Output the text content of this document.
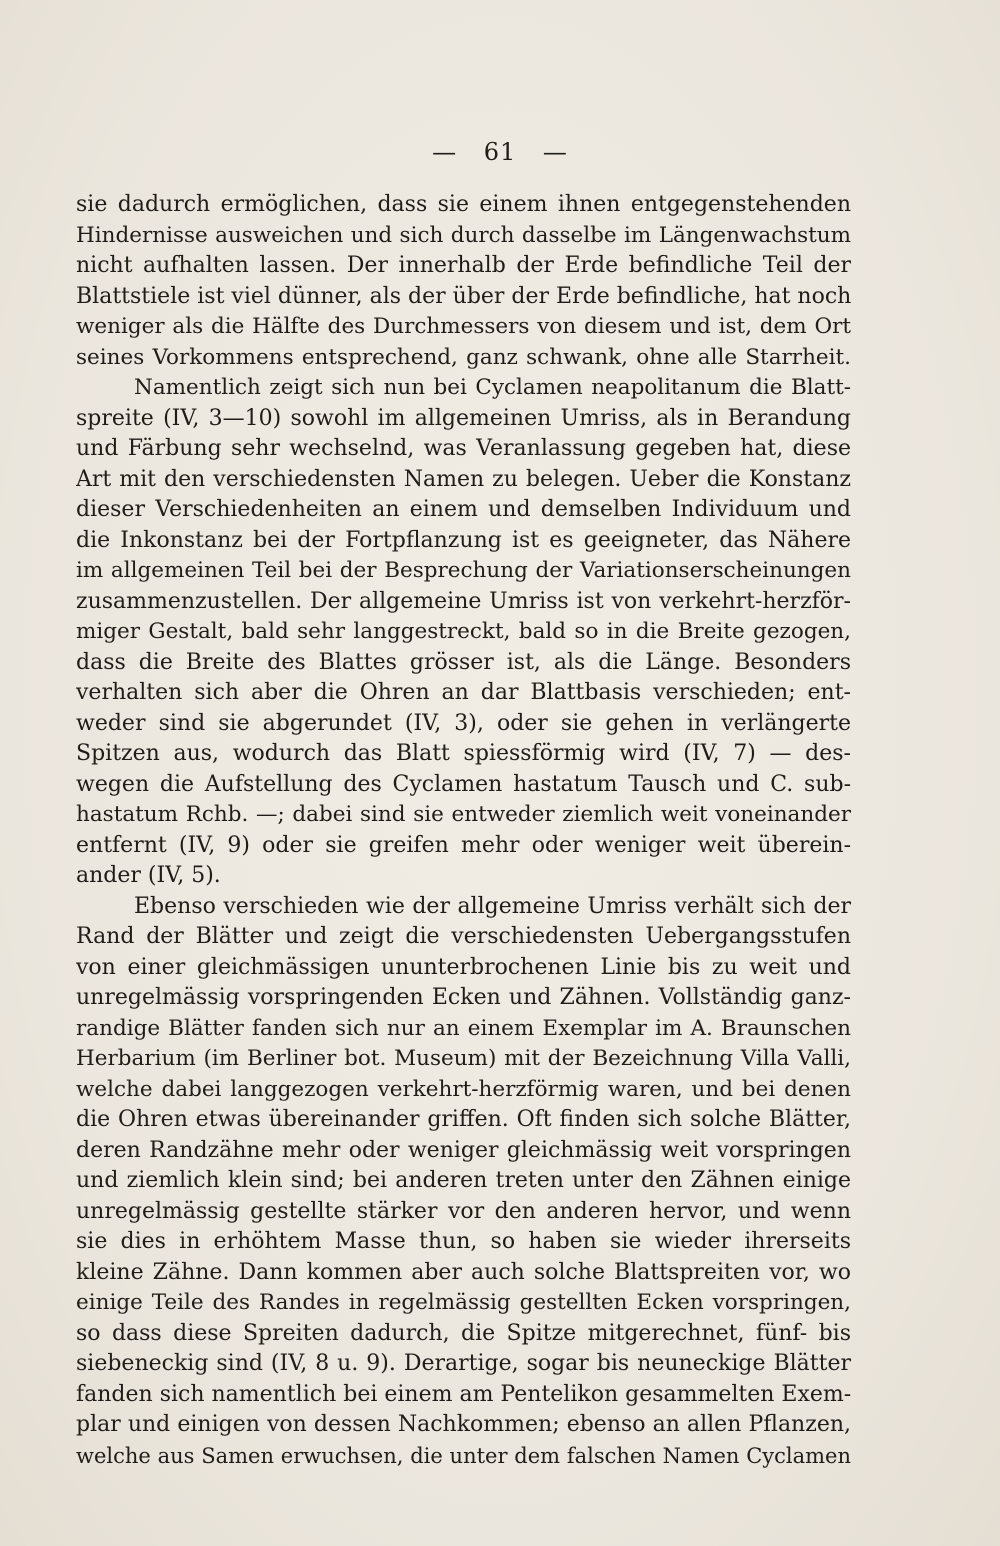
— 61 —
sie dadurch ermöglichen, dass sie einem ihnen entgegenstehenden
Hindernisse ausweichen und sich durch dasselbe im Längenwachstum
nicht aufhalten lassen. Der innerhalb der Erde befindliche Teil der
Blattstiele ist viel dünner, als der über der Erde befindliche, hat noch
weniger als die Hälfte des Durchmessers von diesem und ist, dem Ort
seines Vorkommens entsprechend, ganz schwank, ohne alle Starrheit.
Namentlich zeigt sich nun bei Cyclamen neapolitanum die Blatt-
spreite (IV, 3—10) sowohl im allgemeinen Umriss, als in Berandung
und Färbung sehr wechselnd, was Veranlassung gegeben hat, diese
Art mit den verschiedensten Namen zu belegen. Ueber die Konstanz
dieser Verschiedenheiten an einem und demselben Individuum und
die Inkonstanz bei der Fortpflanzung ist es geeigneter, das Nähere
im allgemeinen Teil bei der Besprechung der Variationserscheinungen
zusammenzustellen. Der allgemeine Umriss ist von verkehrt-herzför-
miger Gestalt, bald sehr langgestreckt, bald so in die Breite gezogen,
dass die Breite des Blattes grösser ist, als die Länge. Besonders
verhalten sich aber die Ohren an dar Blattbasis verschieden; ent-
weder sind sie abgerundet (IV, 3), oder sie gehen in verlängerte
Spitzen aus, wodurch das Blatt spiessförmig wird (IV, 7) — des-
wegen die Aufstellung des Cyclamen hastatum Tausch und C. sub-
hastatum Rchb. —; dabei sind sie entweder ziemlich weit voneinander
entfernt (IV, 9) oder sie greifen mehr oder weniger weit überein-
ander (IV, 5).
Ebenso verschieden wie der allgemeine Umriss verhält sich der
Rand der Blätter und zeigt die verschiedensten Uebergangsstufen
von einer gleichmässigen ununterbrochenen Linie bis zu weit und
unregelmässig vorspringenden Ecken und Zähnen. Vollständig ganz-
randige Blätter fanden sich nur an einem Exemplar im A. Braunschen
Herbarium (im Berliner bot. Museum) mit der Bezeichnung Villa Valli,
welche dabei langgezogen verkehrt-herzförmig waren, und bei denen
die Ohren etwas übereinander griffen. Oft finden sich solche Blätter,
deren Randzähne mehr oder weniger gleichmässig weit vorspringen
und ziemlich klein sind; bei anderen treten unter den Zähnen einige
unregelmässig gestellte stärker vor den anderen hervor, und wenn
sie dies in erhöhtem Masse thun, so haben sie wieder ihrerseits
kleine Zähne. Dann kommen aber auch solche Blattspreiten vor, wo
einige Teile des Randes in regelmässig gestellten Ecken vorspringen,
so dass diese Spreiten dadurch, die Spitze mitgerechnet, fünf- bis
siebeneckig sind (IV, 8 u. 9). Derartige, sogar bis neuneckige Blätter
fanden sich namentlich bei einem am Pentelikon gesammelten Exem-
plar und einigen von dessen Nachkommen; ebenso an allen Pflanzen,
welche aus Samen erwuchsen, die unter dem falschen Namen Cyclamen
